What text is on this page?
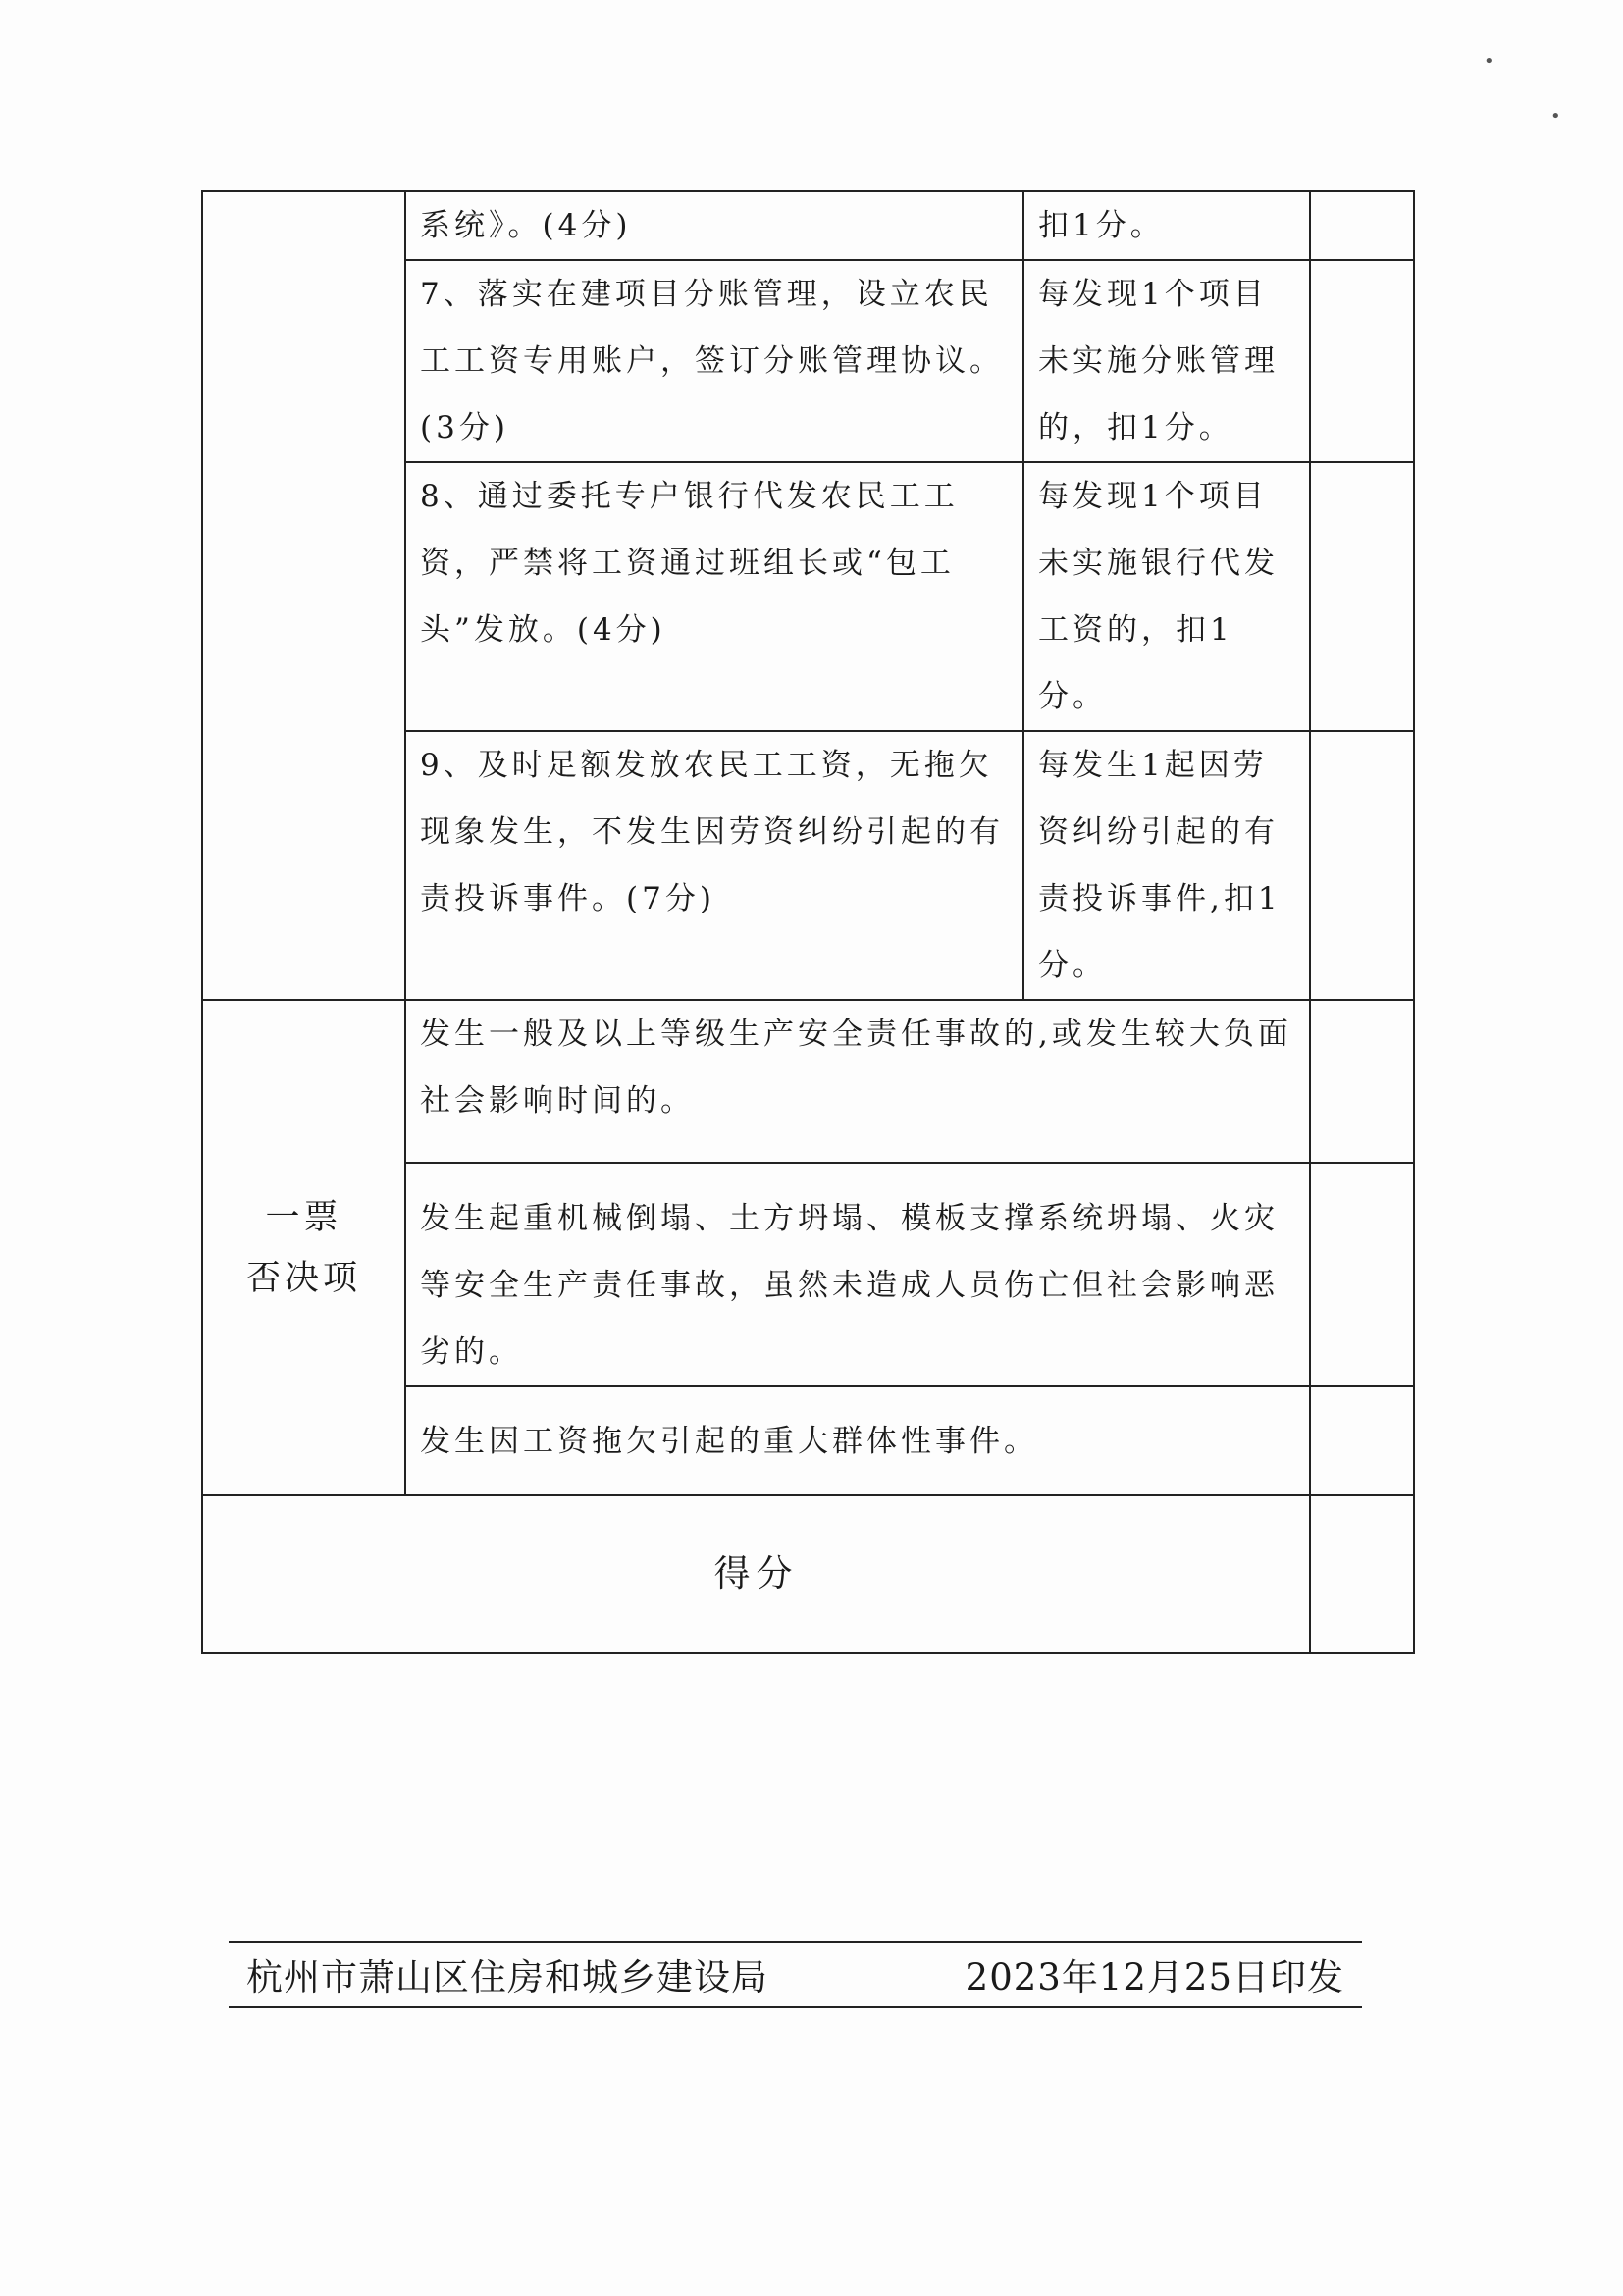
•
•
	系统》。(4分)	扣1分。	
	7、落实在建项目分账管理，设立农民工工资专用账户，签订分账管理协议。(3分)	每发现1个项目未实施分账管理的，扣1分。	
	8、通过委托专户银行代发农民工工资，严禁将工资通过班组长或“包工头”发放。(4分)	每发现1个项目未实施银行代发工资的，扣1分。	
	9、及时足额发放农民工工资，无拖欠现象发生，不发生因劳资纠纷引起的有责投诉事件。(7分)	每发生1起因劳资纠纷引起的有责投诉事件,扣1分。	

一票
否决项	发生一般及以上等级生产安全责任事故的,或发生较大负面社会影响时间的。		
	发生起重机械倒塌、土方坍塌、模板支撑系统坍塌、火灾等安全生产责任事故，虽然未造成人员伤亡但社会影响恶劣的。		
	发生因工资拖欠引起的重大群体性事件。		
得分			
杭州市萧山区住房和城乡建设局	2023年12月25日印发
